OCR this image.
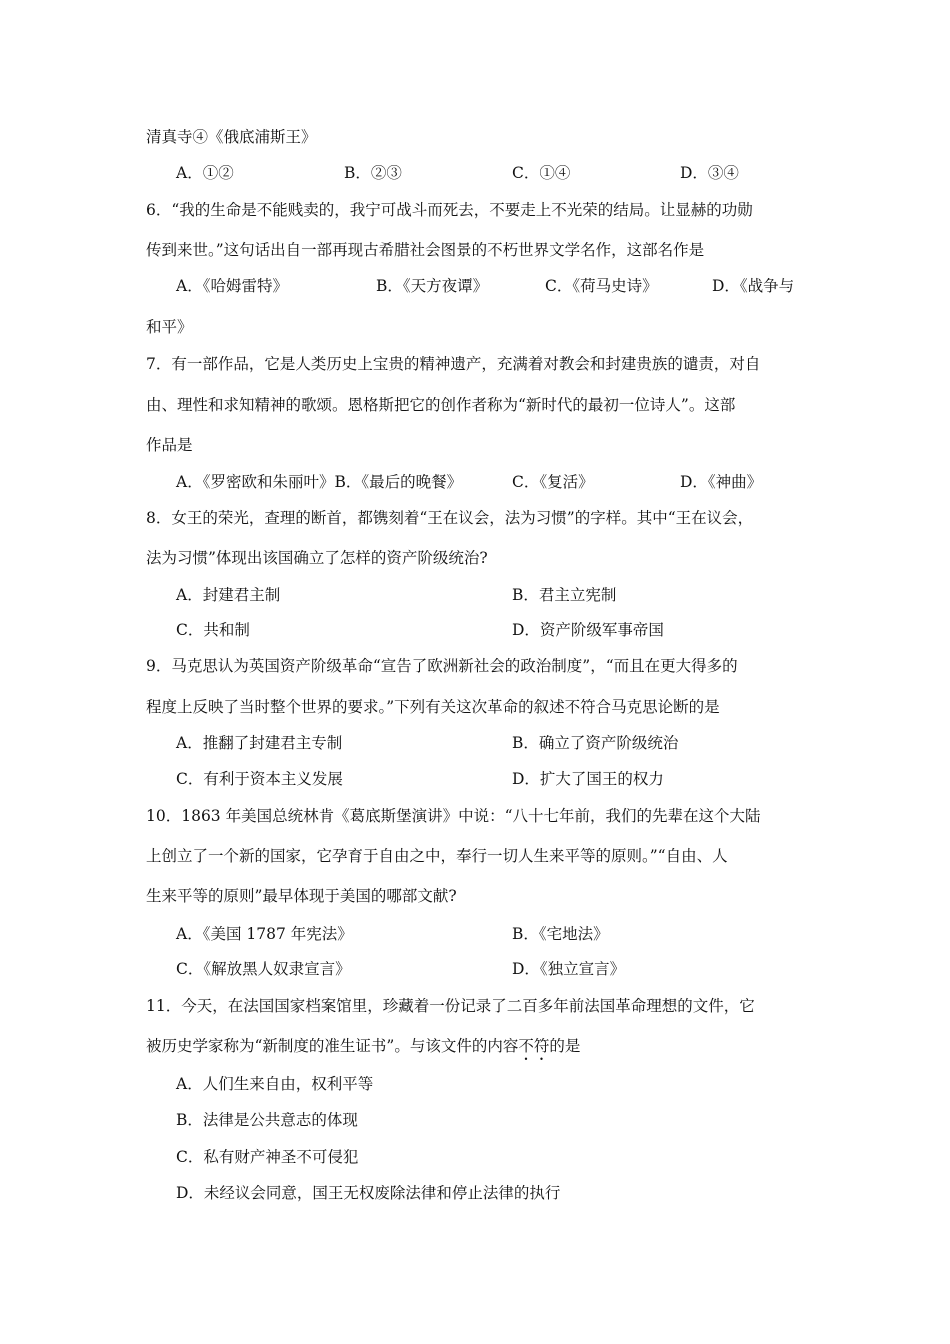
清真寺④《俄底浦斯王》
A．①②	B．②③	C．①④	D．③④
6．“我的生命是不能贱卖的，我宁可战斗而死去，不要走上不光荣的结局。让显赫的功勋
传到来世。”这句话出自一部再现古希腊社会图景的不朽世界文学名作，这部名作是
A．《哈姆雷特》	B．《天方夜谭》	C．《荷马史诗》	D．《战争与
和平》
7．有一部作品，它是人类历史上宝贵的精神遗产，充满着对教会和封建贵族的谴责，对自
由、理性和求知精神的歌颂。恩格斯把它的创作者称为“新时代的最初一位诗人”。这部
作品是
A．《罗密欧和朱丽叶》B．《最后的晚餐》	C．《复活》	D．《神曲》
8．女王的荣光，查理的断首，都镌刻着“王在议会，法为习惯”的字样。其中“王在议会，
法为习惯”体现出该国确立了怎样的资产阶级统治?
A．封建君主制	B．君主立宪制
C．共和制	D．资产阶级军事帝国
9．马克思认为英国资产阶级革命“宣告了欧洲新社会的政治制度”，“而且在更大得多的
程度上反映了当时整个世界的要求。”下列有关这次革命的叙述不符合马克思论断的是
A．推翻了封建君主专制	B．确立了资产阶级统治
C．有利于资本主义发展	D．扩大了国王的权力
10．1863 年美国总统林肯《葛底斯堡演讲》中说：“八十七年前，我们的先辈在这个大陆
上创立了一个新的国家，它孕育于自由之中，奉行一切人生来平等的原则。”“自由、人
生来平等的原则”最早体现于美国的哪部文献?
A．《美国 1787 年宪法》	B．《宅地法》
C．《解放黑人奴隶宣言》	D．《独立宣言》
11．今天，在法国国家档案馆里，珍藏着一份记录了二百多年前法国革命理想的文件，它
被历史学家称为“新制度的准生证书”。与该文件的内容不符的是
A．人们生来自由，权利平等
B．法律是公共意志的体现
C．私有财产神圣不可侵犯
D．未经议会同意，国王无权废除法律和停止法律的执行
